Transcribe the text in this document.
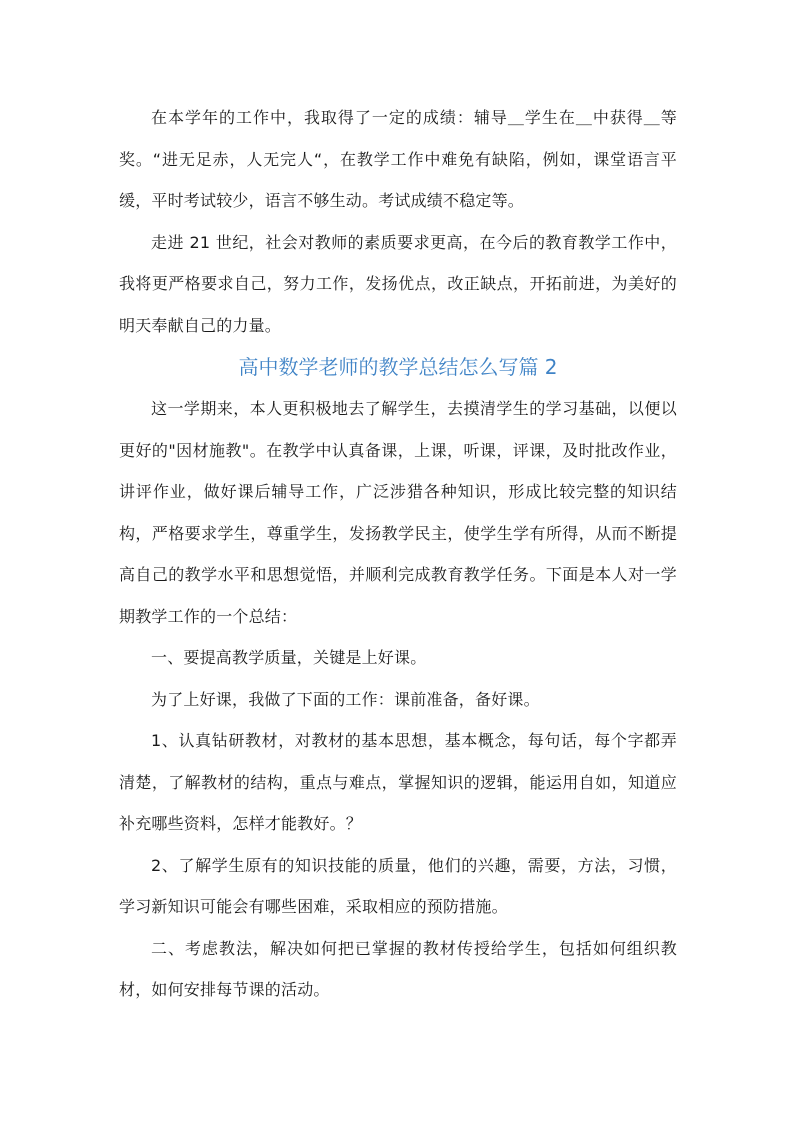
在本学年的工作中，我取得了一定的成绩：辅导＿学生在＿中获得＿等奖。“进无足赤，人无完人“，在教学工作中难免有缺陷，例如，课堂语言平缓，平时考试较少，语言不够生动。考试成绩不稳定等。

走进 21 世纪，社会对教师的素质要求更高，在今后的教育教学工作中，我将更严格要求自己，努力工作，发扬优点，改正缺点，开拓前进，为美好的明天奉献自己的力量。

高中数学老师的教学总结怎么写篇 2

这一学期来，本人更积极地去了解学生，去摸清学生的学习基础，以便以更好的"因材施教"。在教学中认真备课，上课，听课，评课，及时批改作业，讲评作业，做好课后辅导工作，广泛涉猎各种知识，形成比较完整的知识结构，严格要求学生，尊重学生，发扬教学民主，使学生学有所得，从而不断提高自己的教学水平和思想觉悟，并顺利完成教育教学任务。下面是本人对一学期教学工作的一个总结：

一、要提高教学质量，关键是上好课。

为了上好课，我做了下面的工作：课前准备，备好课。

1、认真钻研教材，对教材的基本思想，基本概念，每句话，每个字都弄清楚，了解教材的结构，重点与难点，掌握知识的逻辑，能运用自如，知道应补充哪些资料，怎样才能教好。？

2、了解学生原有的知识技能的质量，他们的兴趣，需要，方法，习惯，学习新知识可能会有哪些困难，采取相应的预防措施。

二、考虑教法，解决如何把已掌握的教材传授给学生，包括如何组织教材，如何安排每节课的活动。
